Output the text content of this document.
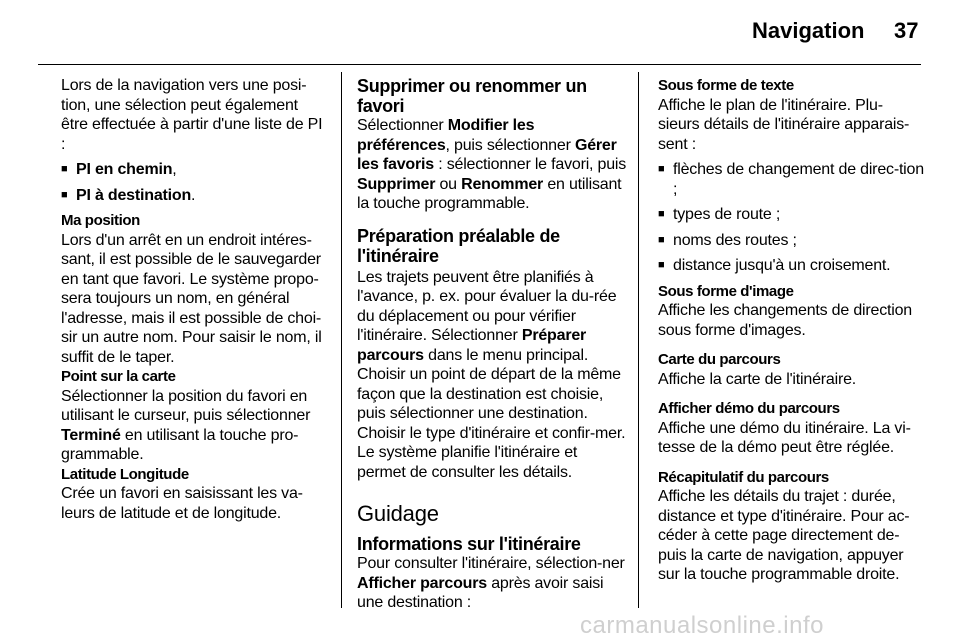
Navigation 37
Lors de la navigation vers une posi-tion, une sélection peut également être effectuée à partir d'une liste de PI :
■ PI en chemin,
■ PI à destination.
Ma position
Lors d'un arrêt en un endroit intéres-sant, il est possible de le sauvegarder en tant que favori. Le système propo-sera toujours un nom, en général l'adresse, mais il est possible de choi-sir un autre nom. Pour saisir le nom, il suffit de le taper.
Point sur la carte

Sélectionner la position du favori en utilisant le curseur, puis sélectionner Terminé en utilisant la touche pro-grammable.

Latitude Longitude
Crée un favori en saisissant les va-leurs de latitude et de longitude.
Supprimer ou renommer un favori

Sélectionner Modifier les préférences, puis sélectionner Gérer les favoris : sélectionner le favori, puis Supprimer ou Renommer en utilisant la touche programmable.

Préparation préalable de l'itinéraire

Les trajets peuvent être planifiés à l'avance, p. ex. pour évaluer la du-rée du déplacement ou pour vérifier l'itinéraire. Sélectionner Préparer parcours dans le menu principal.

Choisir un point de départ de la même façon que la destination est choisie, puis sélectionner une destination. Choisir le type d'itinéraire et confir-mer. Le système planifie l'itinéraire et permet de consulter les détails.
Guidage
Informations sur l'itinéraire

Pour consulter l'itinéraire, sélection-ner Afficher parcours après avoir saisi une destination :

Sous forme de texte
Affiche le plan de l'itinéraire. Plu-sieurs détails de l'itinéraire apparais-sent :
■ flèches de changement de direc-tion ;
■ types de route ;
■ noms des routes ;
■ distance jusqu'à un croisement.
Sous forme d'image
Affiche les changements de direction sous forme d'images.
Carte du parcours
Affiche la carte de l'itinéraire.
Afficher démo du parcours
Affiche une démo du itinéraire. La vi-tesse de la démo peut être réglée.
Récapitulatif du parcours
Affiche les détails du trajet : durée, distance et type d'itinéraire. Pour ac-céder à cette page directement de-puis la carte de navigation, appuyer sur la touche programmable droite.
carmanualsonline.info
